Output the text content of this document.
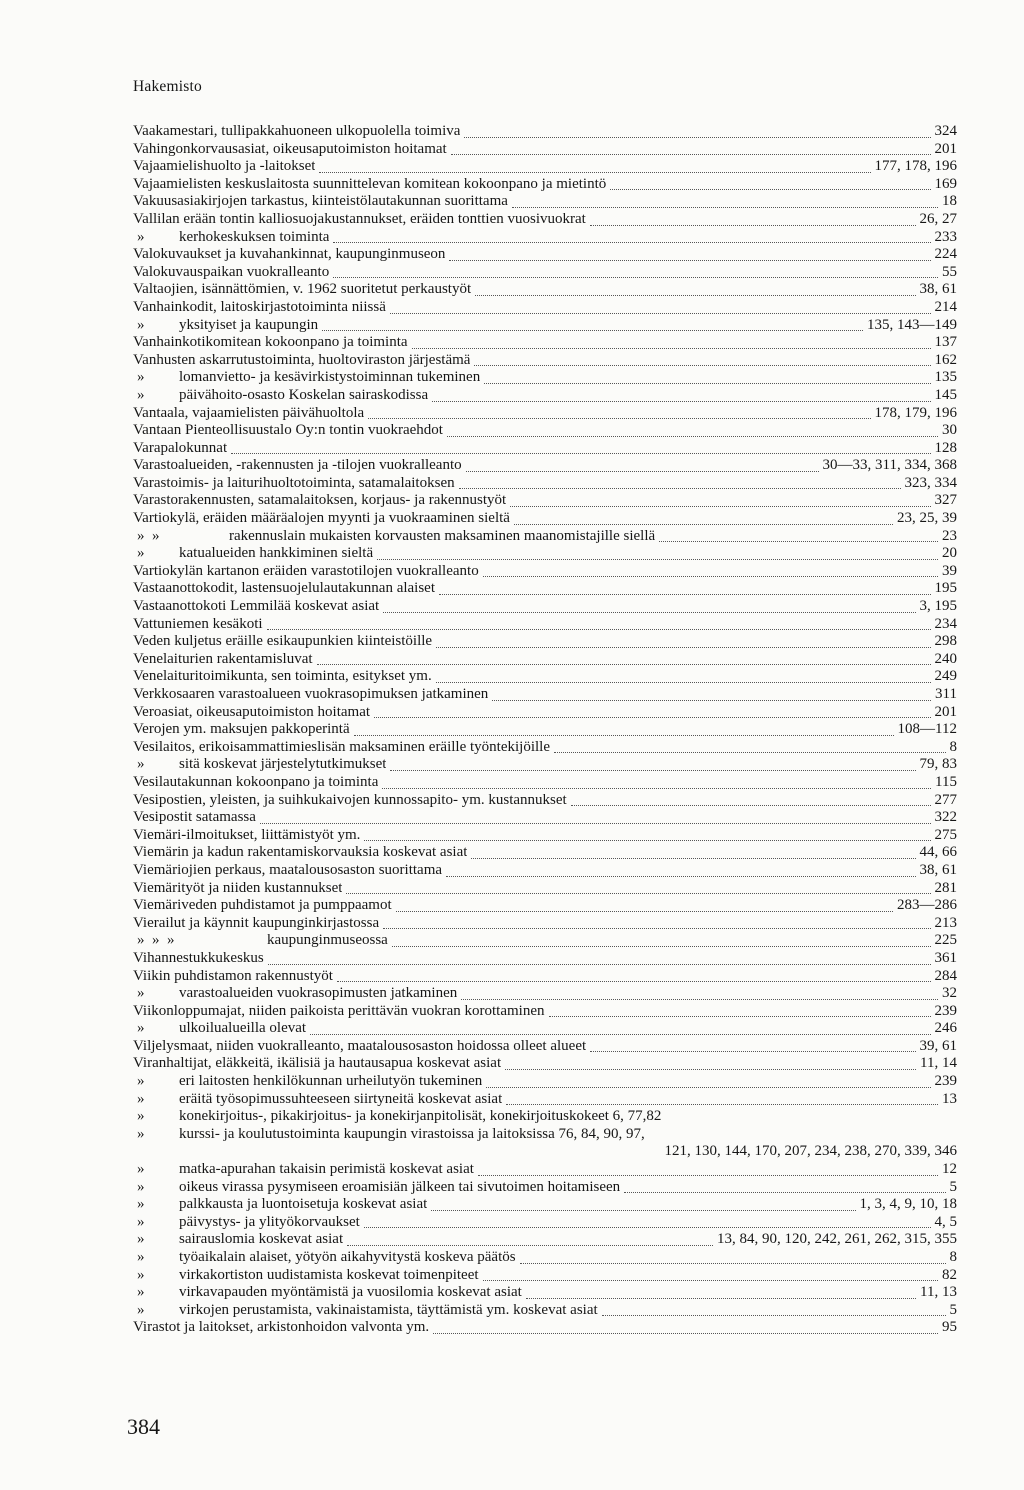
Hakemisto
Vaakamestari, tullipakkahuoneen ulkopuolella toimiva	324
Vahingonkorvausasiat, oikeusaputoimiston hoitamat	201
Vajaamielishuolto ja -laitokset	177, 178, 196
Vajaamielisten keskuslaitosta suunnittelevan komitean kokoonpano ja mietintö	169
Vakuusasiakirjojen tarkastus, kiinteistölautakunnan suorittama	18
Vallilan erään tontin kalliosuojakustannukset, eräiden tonttien vuosivuokrat	26, 27
»	kerhokeskuksen toiminta	233
Valokuvaukset ja kuvahankinnat, kaupunginmuseon	224
Valokuvauspaikan vuokralleanto	55
Valtaojien, isännättömien, v. 1962 suoritetut perkaustyöt	38, 61
Vanhainkodit, laitoskirjastotoiminta niissä	214
»	yksityiset ja kaupungin	135, 143—149
Vanhainkotikomitean kokoonpano ja toiminta	137
Vanhusten askarrutustoiminta, huoltoviraston järjestämä	162
»	lomanvietto- ja kesävirkistystoiminnan tukeminen	135
»	päivähoito-osasto Koskelan sairaskodissa	145
Vantaala, vajaamielisten päivähuoltola	178, 179, 196
Vantaan Pienteollisuustalo Oy:n tontin vuokraehdot	30
Varapalokunnat	128
Varastoalueiden, -rakennusten ja -tilojen vuokralleanto	30—33, 311, 334, 368
Varastoimis- ja laiturihuoltotoiminta, satamalaitoksen	323, 334
Varastorakennusten, satamalaitoksen, korjaus- ja rakennustyöt	327
Vartiokylä, eräiden määräalojen myynti ja vuokraaminen sieltä	23, 25, 39
»  »	rakennuslain mukaisten korvausten maksaminen maanomistajille siellä	23
»	katualueiden hankkiminen sieltä	20
Vartiokylän kartanon eräiden varastotilojen vuokralleanto	39
Vastaanottokodit, lastensuojelulautakunnan alaiset	195
Vastaanottokoti Lemmilää koskevat asiat	3, 195
Vattuniemen kesäkoti	234
Veden kuljetus eräille esikaupunkien kiinteistöille	298
Venelaiturien rakentamisluvat	240
Venelaituritoimikunta, sen toiminta, esitykset ym.	249
Verkkosaaren varastoalueen vuokrasopimuksen jatkaminen	311
Veroasiat, oikeusaputoimiston hoitamat	201
Verojen ym. maksujen pakkoperintä	108—112
Vesilaitos, erikoisammattimieslisän maksaminen eräille työntekijöille	8
»	sitä koskevat järjestelytutkimukset	79, 83
Vesilautakunnan kokoonpano ja toiminta	115
Vesipostien, yleisten, ja suihkukaivojen kunnossapito- ym. kustannukset	277
Vesipostit satamassa	322
Viemäri-ilmoitukset, liittämistyöt ym.	275
Viemärin ja kadun rakentamiskorvauksia koskevat asiat	44, 66
Viemäriojien perkaus, maatalousosaston suorittama	38, 61
Viemärityöt ja niiden kustannukset	281
Viemäriveden puhdistamot ja pumppaamot	283—286
Vierailut ja käynnit kaupunginkirjastossa	213
»  »  »	kaupunginmuseossa	225
Vihannestukkukeskus	361
Viikin puhdistamon rakennustyöt	284
»	varastoalueiden vuokrasopimusten jatkaminen	32
Viikonloppumajat, niiden paikoista perittävän vuokran korottaminen	239
»	ulkoilualueilla olevat	246
Viljelysmaat, niiden vuokralleanto, maatalousosaston hoidossa olleet alueet	39, 61
Viranhaltijat, eläkkeitä, ikälisiä ja hautausapua koskevat asiat	11, 14
»	eri laitosten henkilökunnan urheilutyön tukeminen	239
»	eräitä työsopimussuhteeseen siirtyneitä koskevat asiat	13
»	konekirjoitus-, pikakirjoitus- ja konekirjanpitolisät, konekirjoituskokeet 6, 77,82
»	kurssi- ja koulutustoiminta kaupungin virastoissa ja laitoksissa 76, 84, 90, 97,
121, 130, 144, 170, 207, 234, 238, 270, 339, 346
»	matka-apurahan takaisin perimistä koskevat asiat	12
»	oikeus virassa pysymiseen eroamisiän jälkeen tai sivutoimen hoitamiseen	5
»	palkkausta ja luontoisetuja koskevat asiat	1, 3, 4, 9, 10, 18
»	päivystys- ja ylityökorvaukset	4, 5
»	sairauslomia koskevat asiat	13, 84, 90, 120, 242, 261, 262, 315, 355
»	työaikalain alaiset, yötyön aikahyvitystä koskeva päätös	8
»	virkakortiston uudistamista koskevat toimenpiteet	82
»	virkavapauden myöntämistä ja vuosilomia koskevat asiat	11, 13
»	virkojen perustamista, vakinaistamista, täyttämistä ym. koskevat asiat	5
Virastot ja laitokset, arkistonhoidon valvonta ym.	95
384
